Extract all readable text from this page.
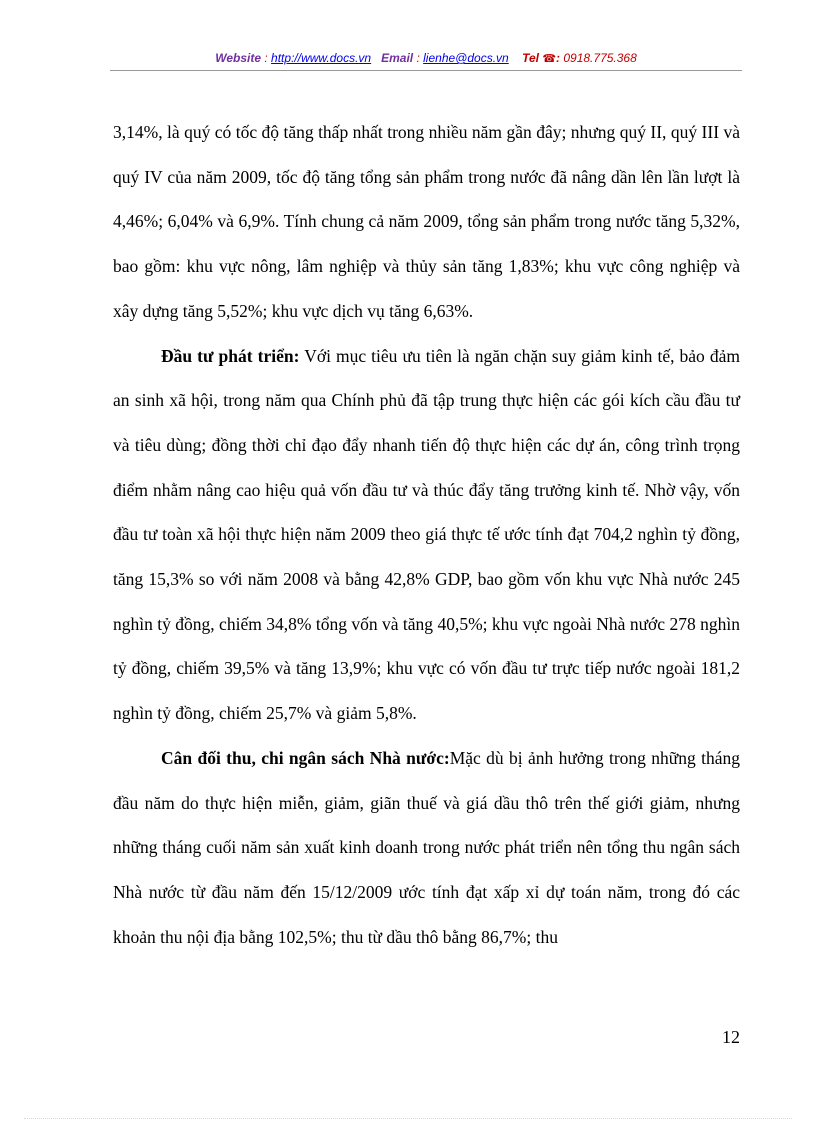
Website : http://www.docs.vn Email : lienhe@docs.vn Tel ☎: 0918.775.368

3,14%, là quý có tốc độ tăng thấp nhất trong nhiều năm gần đây; nhưng quý II, quý III và quý IV của năm 2009, tốc độ tăng tổng sản phẩm trong nước đã nâng dần lên lần lượt là 4,46%; 6,04% và 6,9%. Tính chung cả năm 2009, tổng sản phẩm trong nước tăng 5,32%, bao gồm: khu vực nông, lâm nghiệp và thủy sản tăng 1,83%; khu vực công nghiệp và xây dựng tăng 5,52%; khu vực dịch vụ tăng 6,63%.

Đầu tư phát triển: Với mục tiêu ưu tiên là ngăn chặn suy giảm kinh tế, bảo đảm an sinh xã hội, trong năm qua Chính phủ đã tập trung thực hiện các gói kích cầu đầu tư và tiêu dùng; đồng thời chỉ đạo đẩy nhanh tiến độ thực hiện các dự án, công trình trọng điểm nhằm nâng cao hiệu quả vốn đầu tư và thúc đẩy tăng trưởng kinh tế. Nhờ vậy, vốn đầu tư toàn xã hội thực hiện năm 2009 theo giá thực tế ước tính đạt 704,2 nghìn tỷ đồng, tăng 15,3% so với năm 2008 và bằng 42,8% GDP, bao gồm vốn khu vực Nhà nước 245 nghìn tỷ đồng, chiếm 34,8% tổng vốn và tăng 40,5%; khu vực ngoài Nhà nước 278 nghìn tỷ đồng, chiếm 39,5% và tăng 13,9%; khu vực có vốn đầu tư trực tiếp nước ngoài 181,2 nghìn tỷ đồng, chiếm 25,7% và giảm 5,8%.

Cân đối thu, chi ngân sách Nhà nước:Mặc dù bị ảnh hưởng trong những tháng đầu năm do thực hiện miễn, giảm, giãn thuế và giá dầu thô trên thế giới giảm, nhưng những tháng cuối năm sản xuất kinh doanh trong nước phát triển nên tổng thu ngân sách Nhà nước từ đầu năm đến 15/12/2009 ước tính đạt xấp xỉ dự toán năm, trong đó các khoản thu nội địa bằng 102,5%; thu từ dầu thô bằng 86,7%; thu

12
